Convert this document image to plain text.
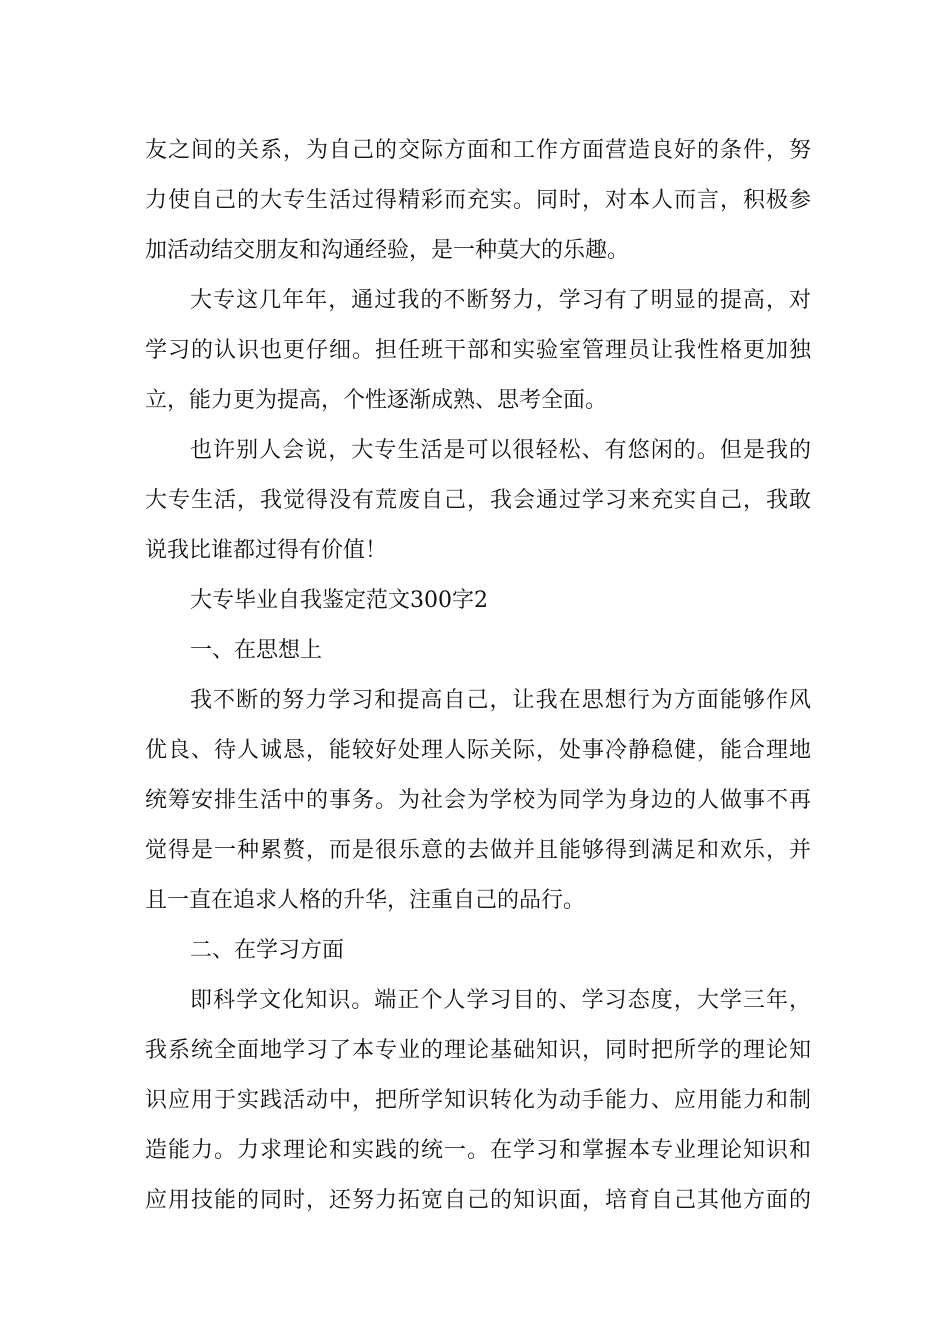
友之间的关系，为自己的交际方面和工作方面营造良好的条件，努
力使自己的大专生活过得精彩而充实。同时，对本人而言，积极参
加活动结交朋友和沟通经验，是一种莫大的乐趣。
大专这几年年，通过我的不断努力，学习有了明显的提高，对
学习的认识也更仔细。担任班干部和实验室管理员让我性格更加独
立，能力更为提高，个性逐渐成熟、思考全面。
也许别人会说，大专生活是可以很轻松、有悠闲的。但是我的
大专生活，我觉得没有荒废自己，我会通过学习来充实自己，我敢
说我比谁都过得有价值！
大专毕业自我鉴定范文300字2
一、在思想上
我不断的努力学习和提高自己，让我在思想行为方面能够作风
优良、待人诚恳，能较好处理人际关际，处事冷静稳健，能合理地
统筹安排生活中的事务。为社会为学校为同学为身边的人做事不再
觉得是一种累赘，而是很乐意的去做并且能够得到满足和欢乐，并
且一直在追求人格的升华，注重自己的品行。
二、在学习方面
即科学文化知识。端正个人学习目的、学习态度，大学三年，
我系统全面地学习了本专业的理论基础知识，同时把所学的理论知
识应用于实践活动中，把所学知识转化为动手能力、应用能力和制
造能力。力求理论和实践的统一。在学习和掌握本专业理论知识和
应用技能的同时，还努力拓宽自己的知识面，培育自己其他方面的
